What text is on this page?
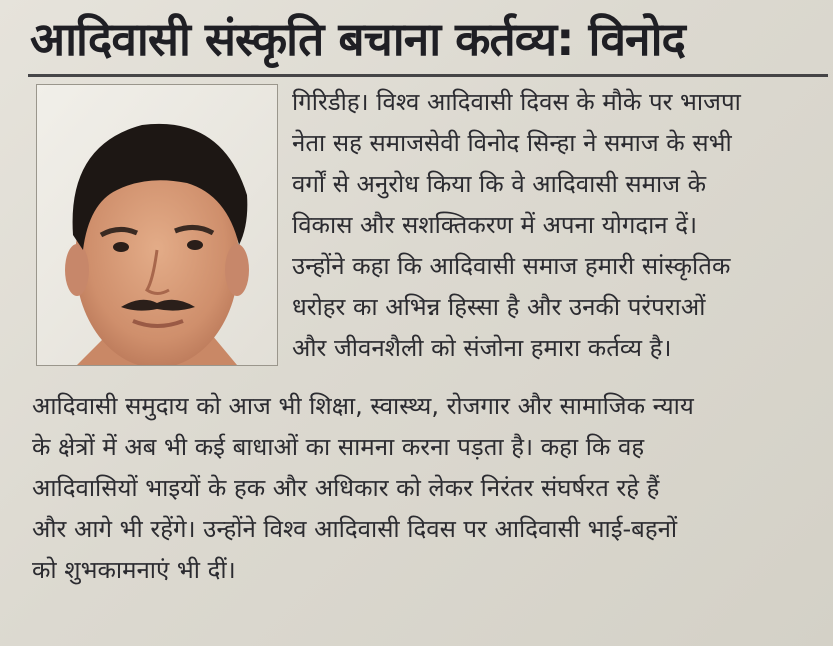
आदिवासी संस्कृति बचाना कर्तव्य: विनोद
गिरिडीह। विश्व आदिवासी दिवस के मौके पर भाजपा
नेता सह समाजसेवी विनोद सिन्हा ने समाज के सभी
वर्गों से अनुरोध किया कि वे आदिवासी समाज के
विकास और सशक्तिकरण में अपना योगदान दें।
उन्होंने कहा कि आदिवासी समाज हमारी सांस्कृतिक
धरोहर का अभिन्न हिस्सा है और उनकी परंपराओं
और जीवनशैली को संजोना हमारा कर्तव्य है।
आदिवासी समुदाय को आज भी शिक्षा, स्वास्थ्य, रोजगार और सामाजिक न्याय
के क्षेत्रों में अब भी कई बाधाओं का सामना करना पड़ता है। कहा कि वह
आदिवासियों भाइयों के हक और अधिकार को लेकर निरंतर संघर्षरत रहे हैं
और आगे भी रहेंगे। उन्होंने विश्व आदिवासी दिवस पर आदिवासी भाई-बहनों
को शुभकामनाएं भी दीं।
